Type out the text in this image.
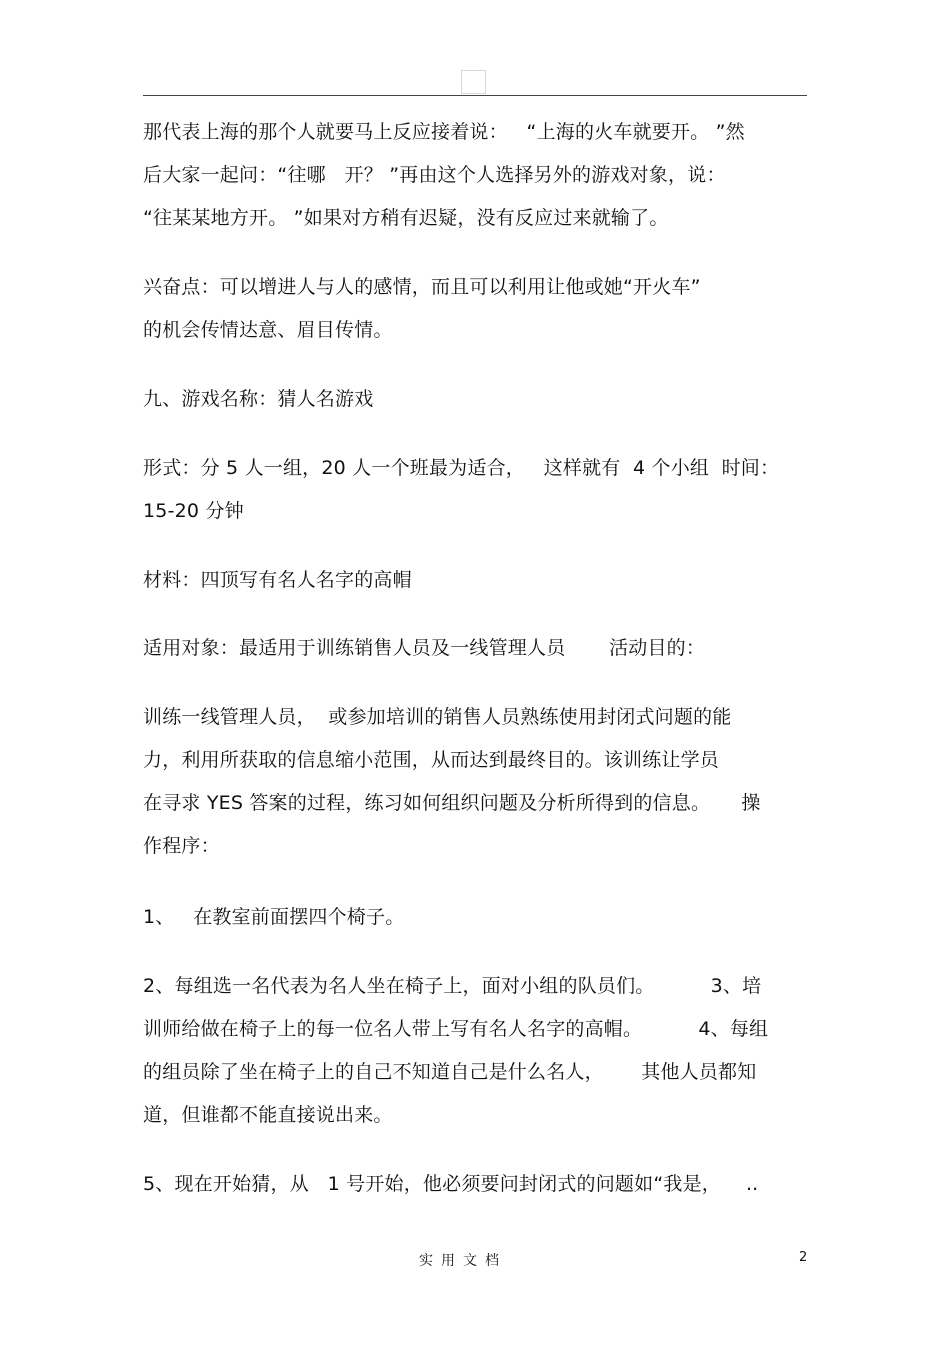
那代表上海的那个人就要马上反应接着说：   “上海的火车就要开。 ”然
后大家一起问：“往哪   开？ ”再由这个人选择另外的游戏对象，说：
“往某某地方开。 ”如果对方稍有迟疑，没有反应过来就输了。
兴奋点：可以增进人与人的感情，而且可以利用让他或她“开火车”
的机会传情达意、眉目传情。
九、游戏名称：猜人名游戏
形式：分 5 人一组，20 人一个班最为适合，   这样就有  4 个小组  时间：
15-20 分钟
材料：四顶写有名人名字的高帽
适用对象：最适用于训练销售人员及一线管理人员       活动目的：
训练一线管理人员，  或参加培训的销售人员熟练使用封闭式问题的能
力，利用所获取的信息缩小范围，从而达到最终目的。该训练让学员
在寻求 YES 答案的过程，练习如何组织问题及分析所得到的信息。     操
作程序：
1、   在教室前面摆四个椅子。
2、每组选一名代表为名人坐在椅子上，面对小组的队员们。         3、培
训师给做在椅子上的每一位名人带上写有名人名字的高帽。         4、每组
的组员除了坐在椅子上的自己不知道自己是什么名人，      其他人员都知
道，但谁都不能直接说出来。
5、现在开始猜，从   1 号开始，他必须要问封闭式的问题如“我是，    ..
实用文档	2
